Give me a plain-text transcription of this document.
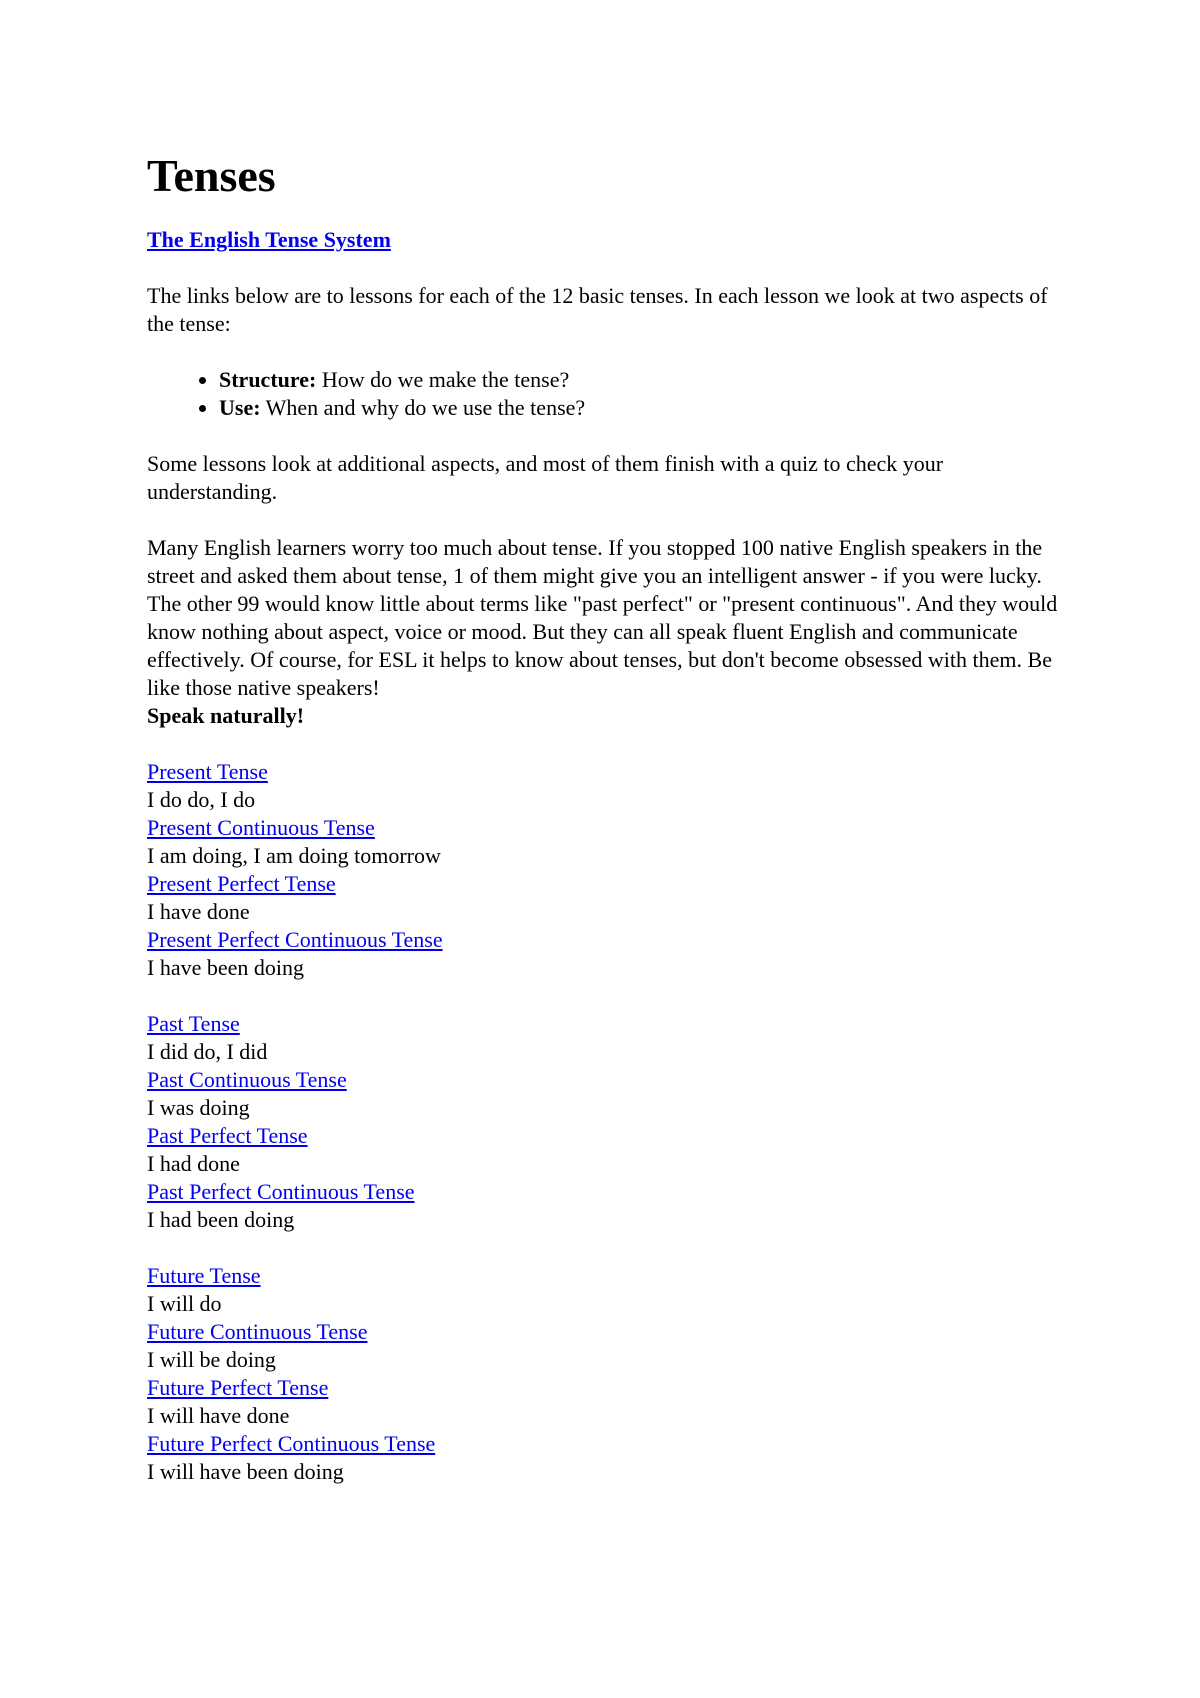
Tenses
The English Tense System

The links below are to lessons for each of the 12 basic tenses. In each lesson we look at two aspects of the tense:

• Structure: How do we make the tense?
• Use: When and why do we use the tense?

Some lessons look at additional aspects, and most of them finish with a quiz to check your understanding.

Many English learners worry too much about tense. If you stopped 100 native English speakers in the street and asked them about tense, 1 of them might give you an intelligent answer - if you were lucky. The other 99 would know little about terms like "past perfect" or "present continuous". And they would know nothing about aspect, voice or mood. But they can all speak fluent English and communicate effectively. Of course, for ESL it helps to know about tenses, but don't become obsessed with them. Be like those native speakers!
Speak naturally!

Present Tense
I do do, I do
Present Continuous Tense
I am doing, I am doing tomorrow
Present Perfect Tense
I have done
Present Perfect Continuous Tense
I have been doing
Past Tense
I did do, I did
Past Continuous Tense
I was doing
Past Perfect Tense
I had done
Past Perfect Continuous Tense
I had been doing
Future Tense
I will do
Future Continuous Tense
I will be doing
Future Perfect Tense
I will have done
Future Perfect Continuous Tense
I will have been doing
